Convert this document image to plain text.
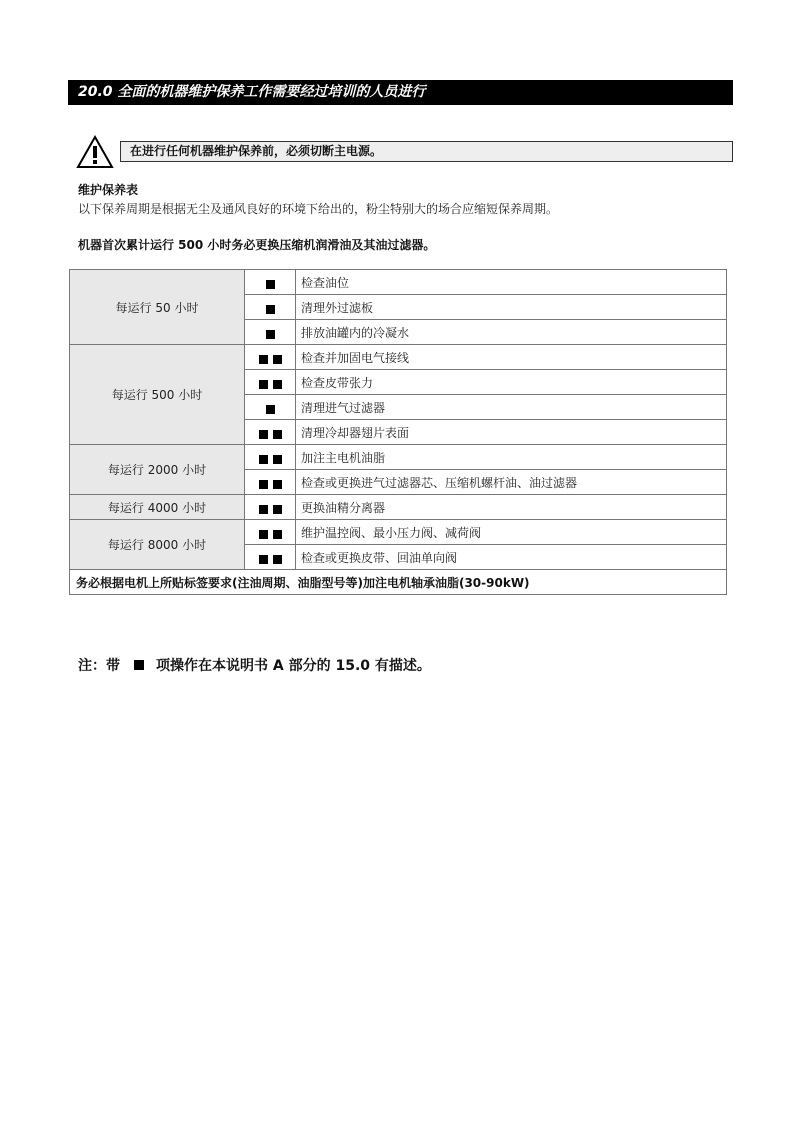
20.0 全面的机器维护保养工作需要经过培训的人员进行
在进行任何机器维护保养前，必须切断主电源。
维护保养表
以下保养周期是根据无尘及通风良好的环境下给出的，粉尘特别大的场合应缩短保养周期。
机器首次累计运行 500 小时务必更换压缩机润滑油及其油过滤器。
每运行 50 小时		检查油位
		清理外过滤板
		排放油罐内的冷凝水
每运行 500 小时		检查并加固电气接线
		检查皮带张力
		清理进气过滤器
		清理冷却器翅片表面
每运行 2000 小时		加注主电机油脂
		检查或更换进气过滤器芯、压缩机螺杆油、油过滤器
每运行 4000 小时		更换油精分离器
每运行 8000 小时		维护温控阀、最小压力阀、减荷阀
		检查或更换皮带、回油单向阀
务必根据电机上所贴标签要求(注油周期、油脂型号等)加注电机轴承油脂(30-90kW)		
注：带	项操作在本说明书 A 部分的 15.0 有描述。
